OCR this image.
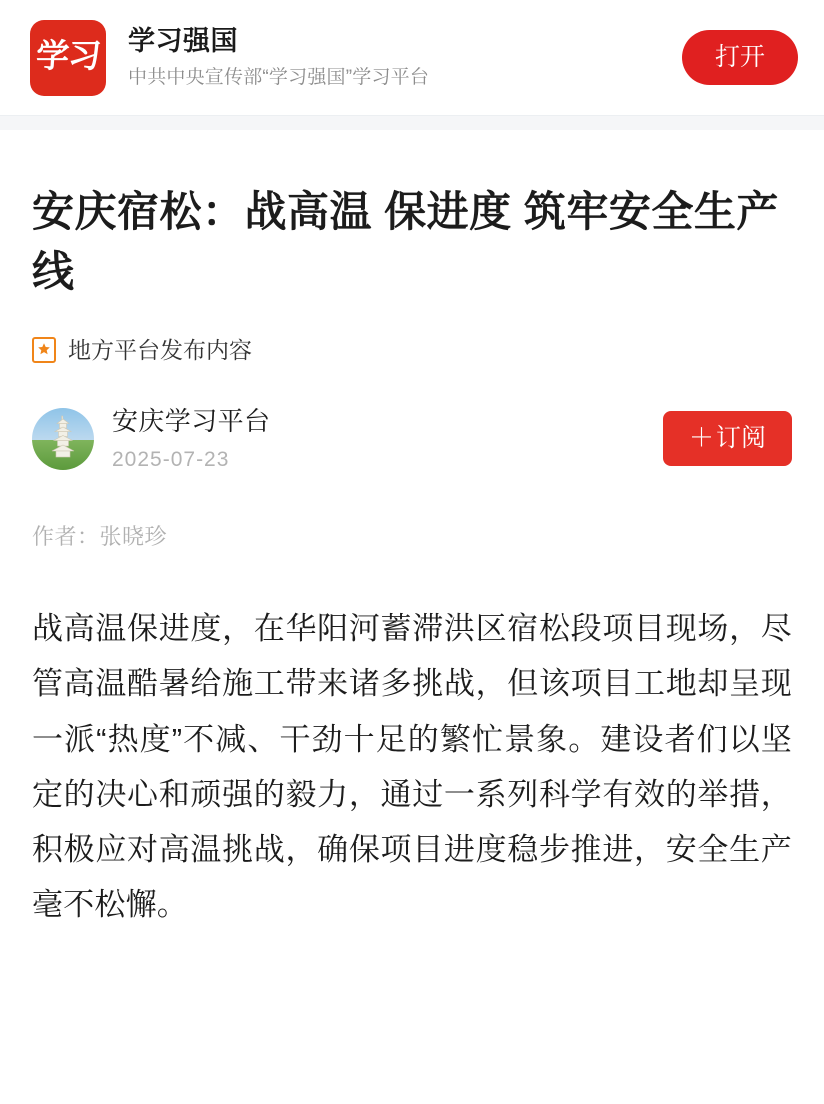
学习 学习强国
中共中央宣传部“学习强国”学习平台
打开
安庆宿松：战高温 保进度 筑牢安全生产线
地方平台发布内容
安庆学习平台
2025-07-23
＋ 订阅
作者：张晓珍

战高温保进度，在华阳河蓄滞洪区宿松段项目现场，尽管高温酷暑给施工带来诸多挑战，但该项目工地却呈现一派“热度”不减、干劲十足的繁忙景象。建设者们以坚定的决心和顽强的毅力，通过一系列科学有效的举措，积极应对高温挑战，确保项目进度稳步推进，安全生产毫不松懈。
